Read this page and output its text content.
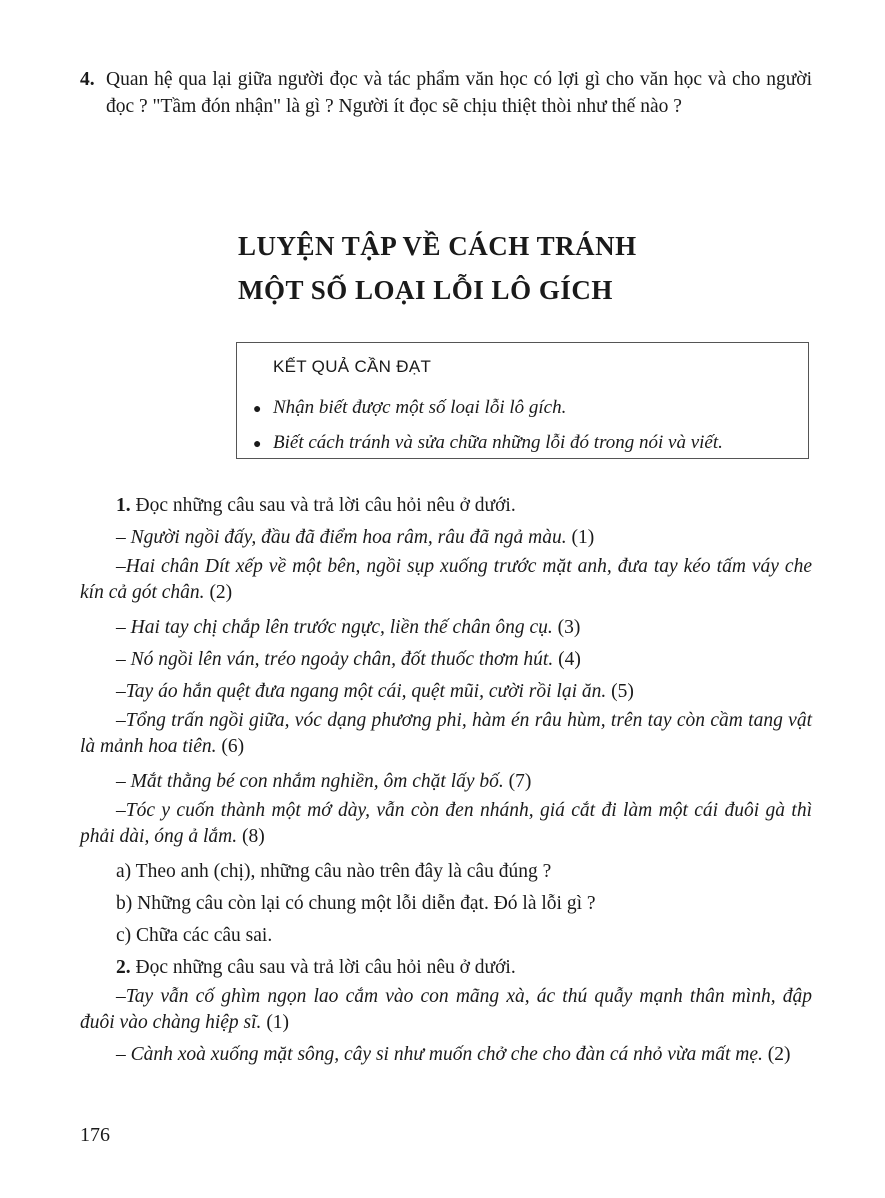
4. Quan hệ qua lại giữa người đọc và tác phẩm văn học có lợi gì cho văn học và cho người đọc ? "Tầm đón nhận" là gì ? Người ít đọc sẽ chịu thiệt thòi như thế nào ?
LUYỆN TẬP VỀ CÁCH TRÁNH
MỘT SỐ LOẠI LỖI LÔ GÍCH
KẾT QUẢ CẦN ĐẠT
● Nhận biết được một số loại lỗi lô gích.
● Biết cách tránh và sửa chữa những lỗi đó trong nói và viết.

1. Đọc những câu sau và trả lời câu hỏi nêu ở dưới.

– Người ngồi đấy, đầu đã điểm hoa râm, râu đã ngả màu. (1)

–Hai chân Dít xếp về một bên, ngồi sụp xuống trước mặt anh, đưa tay kéo tấm váy che kín cả gót chân. (2)

– Hai tay chị chắp lên trước ngực, liền thế chân ông cụ. (3)

– Nó ngồi lên ván, tréo ngoảy chân, đốt thuốc thơm hút. (4)

–Tay áo hắn quệt đưa ngang một cái, quệt mũi, cười rồi lại ăn. (5)

–Tổng trấn ngồi giữa, vóc dạng phương phi, hàm én râu hùm, trên tay còn cầm tang vật là mảnh hoa tiên. (6)

– Mắt thằng bé con nhắm nghiền, ôm chặt lấy bố. (7)

–Tóc y cuốn thành một mớ dày, vẫn còn đen nhánh, giá cắt đi làm một cái đuôi gà thì phải dài, óng ả lắm. (8)

a) Theo anh (chị), những câu nào trên đây là câu đúng ?

b) Những câu còn lại có chung một lỗi diễn đạt. Đó là lỗi gì ?

c) Chữa các câu sai.

2. Đọc những câu sau và trả lời câu hỏi nêu ở dưới.

–Tay vẫn cố ghìm ngọn lao cắm vào con mãng xà, ác thú quẫy mạnh thân mình, đập đuôi vào chàng hiệp sĩ. (1)

– Cành xoà xuống mặt sông, cây si như muốn chở che cho đàn cá nhỏ vừa mất mẹ. (2)

176
